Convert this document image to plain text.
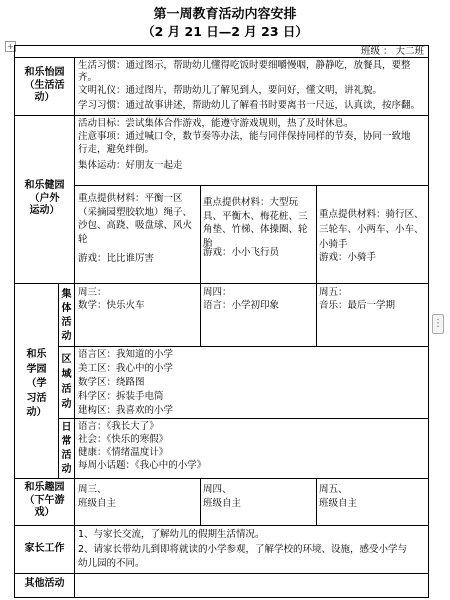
第一周教育活动内容安排
（2 月 21 日—2 月 23 日）
+
⋮
班级 ： 大二班
和乐怡园
（生活活
动）
生活习惯：通过图示，帮助幼儿懂得吃饭时要细嚼慢咽，静静吃，放餐具，要整
齐。
文明礼仪：通过图片，帮助幼儿了解见到人，要问好，懂文明，讲礼貌。
学习习惯：通过故事讲述，帮助幼儿了解看书时要离书一尺远，认真读，按序翻。
和乐健园
（户外
运动）
活动目标：尝试集体合作游戏，能遵守游戏规则，热了及时休息。
注意事项：通过喊口令，数节奏等办法，能与同伴保持同样的节奏，协同一致地
行走，避免绊倒。
集体运动：好朋友一起走
重点提供材料：平衡一区（采摘园塑胶软地）绳子、沙包、高跷、吸盘球、风火轮
游戏：比比谁厉害
重点提供材料：大型玩具、平衡木、梅花桩、三角垫、竹梯、体操圈、轮胎
游戏：小小飞行员
重点提供材料：骑行区、三轮车、小两车、小车、小骑手
游戏：小骑手
和乐
学园
（学
习活
动）
集
体
活
动
周三：
数学：快乐火车
周四：
语言：小学初印象
周五：
音乐：最后一学期
区
域
活
动
语言区：我知道的小学
美工区：我心中的小学
数学区：绕路图
科学区：拆装手电筒
建构区：我喜欢的小学
日
常
活
动
语言：《我长大了》
社会：《快乐的寒假》
健康：《情绪温度计》
每周小话题：《我心中的小学》
和乐趣园
（下午游
戏）
周三、
班级自主
周四、
班级自主
周五、
班级自主
家长工作
1、与家长交流，了解幼儿的假期生活情况。
2、请家长带幼儿到即将就读的小学参观，了解学校的环境、设施，感受小学与
幼儿园的不同。
其他活动
